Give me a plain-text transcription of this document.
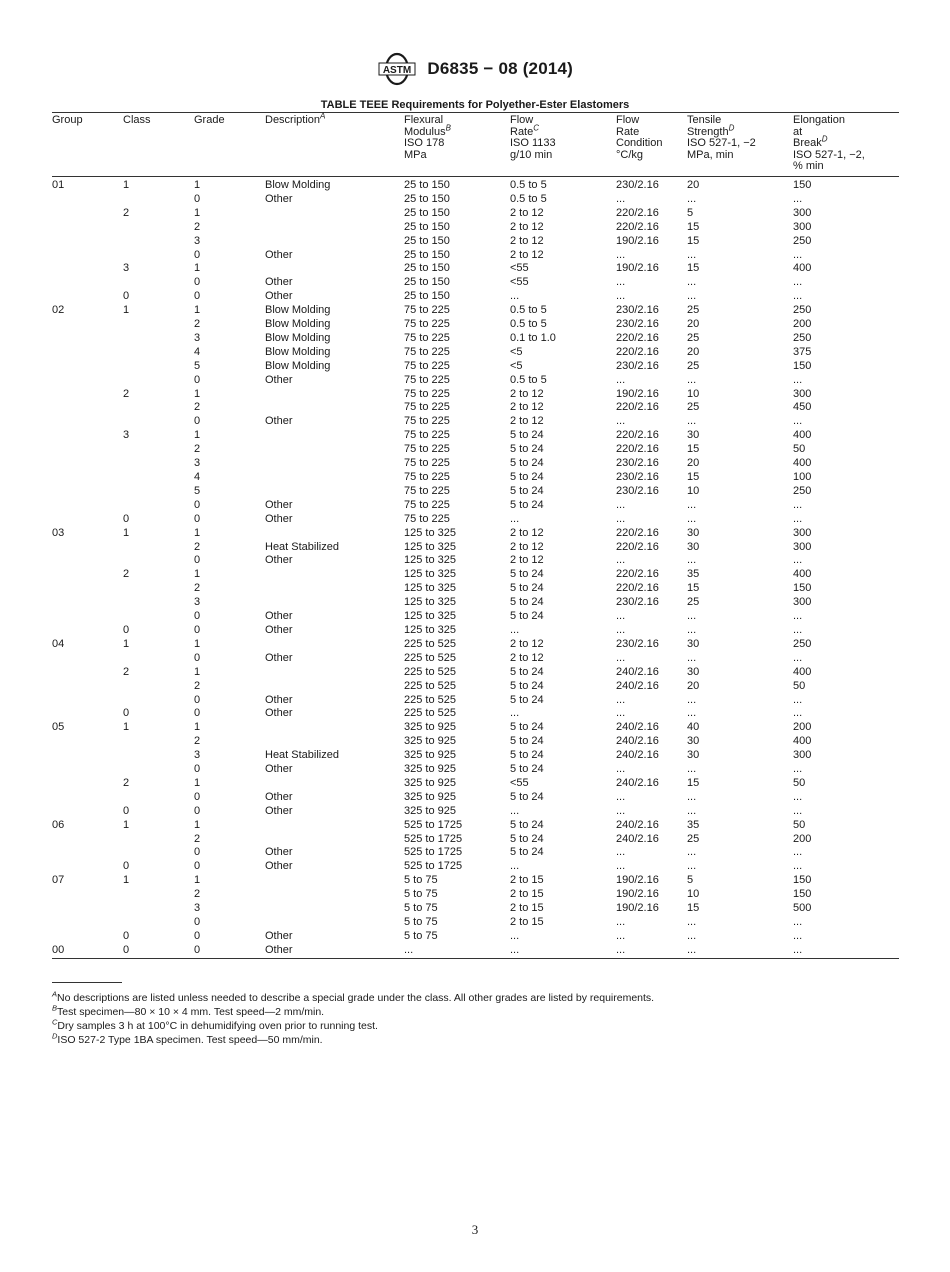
ASTM D6835 − 08 (2014)
TABLE TEEE Requirements for Polyether-Ester Elastomers
Group	Class	Grade	Description$^A$	Flexural
Modulus$^B$
ISO 178
MPa	Flow
Rate$^C$
ISO 1133
g/10 min	Flow
Rate
Condition
°C/kg	Tensile
Strength$^D$
ISO 527-1, −2
MPa, min	Elongation
at
Break$^D$
ISO 527-1, −2,
% min
01	1	1	Blow Molding	25 to 150	0.5 to 5	230/2.16	20	150
		0	Other	25 to 150	0.5 to 5	...	...	...
	2	1		25 to 150	2 to 12	220/2.16	5	300
		2		25 to 150	2 to 12	220/2.16	15	300
		3		25 to 150	2 to 12	190/2.16	15	250
		0	Other	25 to 150	2 to 12	...	...	...
	3	1		25 to 150	<55	190/2.16	15	400
		0	Other	25 to 150	<55	...	...	...
	0	0	Other	25 to 150	...	...	...	...
02	1	1	Blow Molding	75 to 225	0.5 to 5	230/2.16	25	250
		2	Blow Molding	75 to 225	0.5 to 5	230/2.16	20	200
		3	Blow Molding	75 to 225	0.1 to 1.0	220/2.16	25	250
		4	Blow Molding	75 to 225	<5	220/2.16	20	375
		5	Blow Molding	75 to 225	<5	230/2.16	25	150
		0	Other	75 to 225	0.5 to 5	...	...	...
	2	1		75 to 225	2 to 12	190/2.16	10	300
		2		75 to 225	2 to 12	220/2.16	25	450
		0	Other	75 to 225	2 to 12	...	...	...
	3	1		75 to 225	5 to 24	220/2.16	30	400
		2		75 to 225	5 to 24	220/2.16	15	50
		3		75 to 225	5 to 24	230/2.16	20	400
		4		75 to 225	5 to 24	230/2.16	15	100
		5		75 to 225	5 to 24	230/2.16	10	250
		0	Other	75 to 225	5 to 24	...	...	...
	0	0	Other	75 to 225	...	...	...	...
03	1	1		125 to 325	2 to 12	220/2.16	30	300
		2	Heat Stabilized	125 to 325	2 to 12	220/2.16	30	300
		0	Other	125 to 325	2 to 12	...	...	...
	2	1		125 to 325	5 to 24	220/2.16	35	400
		2		125 to 325	5 to 24	220/2.16	15	150
		3		125 to 325	5 to 24	230/2.16	25	300
		0	Other	125 to 325	5 to 24	...	...	...
	0	0	Other	125 to 325	...	...	...	...
04	1	1		225 to 525	2 to 12	230/2.16	30	250
		0	Other	225 to 525	2 to 12	...	...	...
	2	1		225 to 525	5 to 24	240/2.16	30	400
		2		225 to 525	5 to 24	240/2.16	20	50
		0	Other	225 to 525	5 to 24	...	...	...
	0	0	Other	225 to 525	...	...	...	...
05	1	1		325 to 925	5 to 24	240/2.16	40	200
		2		325 to 925	5 to 24	240/2.16	30	400
		3	Heat Stabilized	325 to 925	5 to 24	240/2.16	30	300
		0	Other	325 to 925	5 to 24	...	...	...
	2	1		325 to 925	<55	240/2.16	15	50
		0	Other	325 to 925	5 to 24	...	...	...
	0	0	Other	325 to 925	...	...	...	...
06	1	1		525 to 1725	5 to 24	240/2.16	35	50
		2		525 to 1725	5 to 24	240/2.16	25	200
		0	Other	525 to 1725	5 to 24	...	...	...
	0	0	Other	525 to 1725	...	...	...	...
07	1	1		5 to 75	2 to 15	190/2.16	5	150
		2		5 to 75	2 to 15	190/2.16	10	150
		3		5 to 75	2 to 15	190/2.16	15	500
		0		5 to 75	2 to 15	...	...	...
	0	0	Other	5 to 75	...	...	...	...
00	0	0	Other	...	...	...	...	...
$^A$No descriptions are listed unless needed to describe a special grade under the class. All other grades are listed by requirements.
$^B$Test specimen—80 × 10 × 4 mm. Test speed—2 mm/min.
$^C$Dry samples 3 h at 100°C in dehumidifying oven prior to running test.
$^D$ISO 527-2 Type 1BA specimen. Test speed—50 mm/min.
3
